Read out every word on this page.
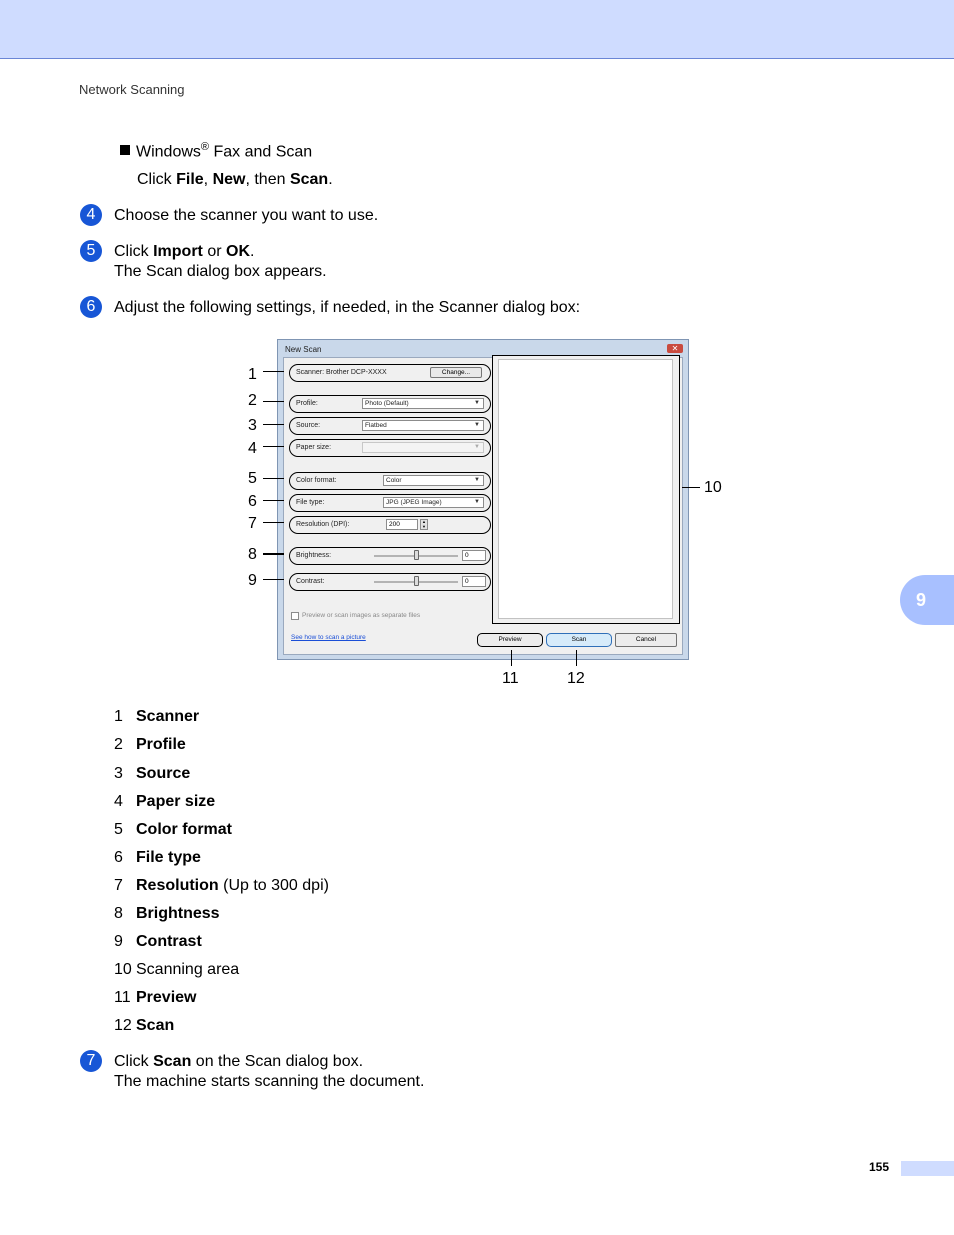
Network Scanning
Windows® Fax and Scan
Click File, New, then Scan.
4	Choose the scanner you want to use.
5	Click Import or OK.
The Scan dialog box appears.
6	Adjust the following settings, if needed, in the Scanner dialog box:
9
New Scan	✕
Scanner: Brother DCP-XXXX	Change...
Profile:	Photo (Default)	▼
Source:	Flatbed	▼
Paper size:	▼
Color format:	Color	▼
File type:	JPG (JPEG Image)	▼
Resolution (DPI):	200	▲
▼
Brightness:	0
Contrast:	0
Preview or scan images as separate files
See how to scan a picture	Preview	Scan	Cancel
1
2
3
4
5
6
7
8
9
10
11	12
1 Scanner
2 Profile
3 Source
4 Paper size
5 Color format
6 File type
7 Resolution (Up to 300 dpi)
8 Brightness
9 Contrast
10 Scanning area
11 Preview
12 Scan
7	Click Scan on the Scan dialog box.
The machine starts scanning the document.
155
